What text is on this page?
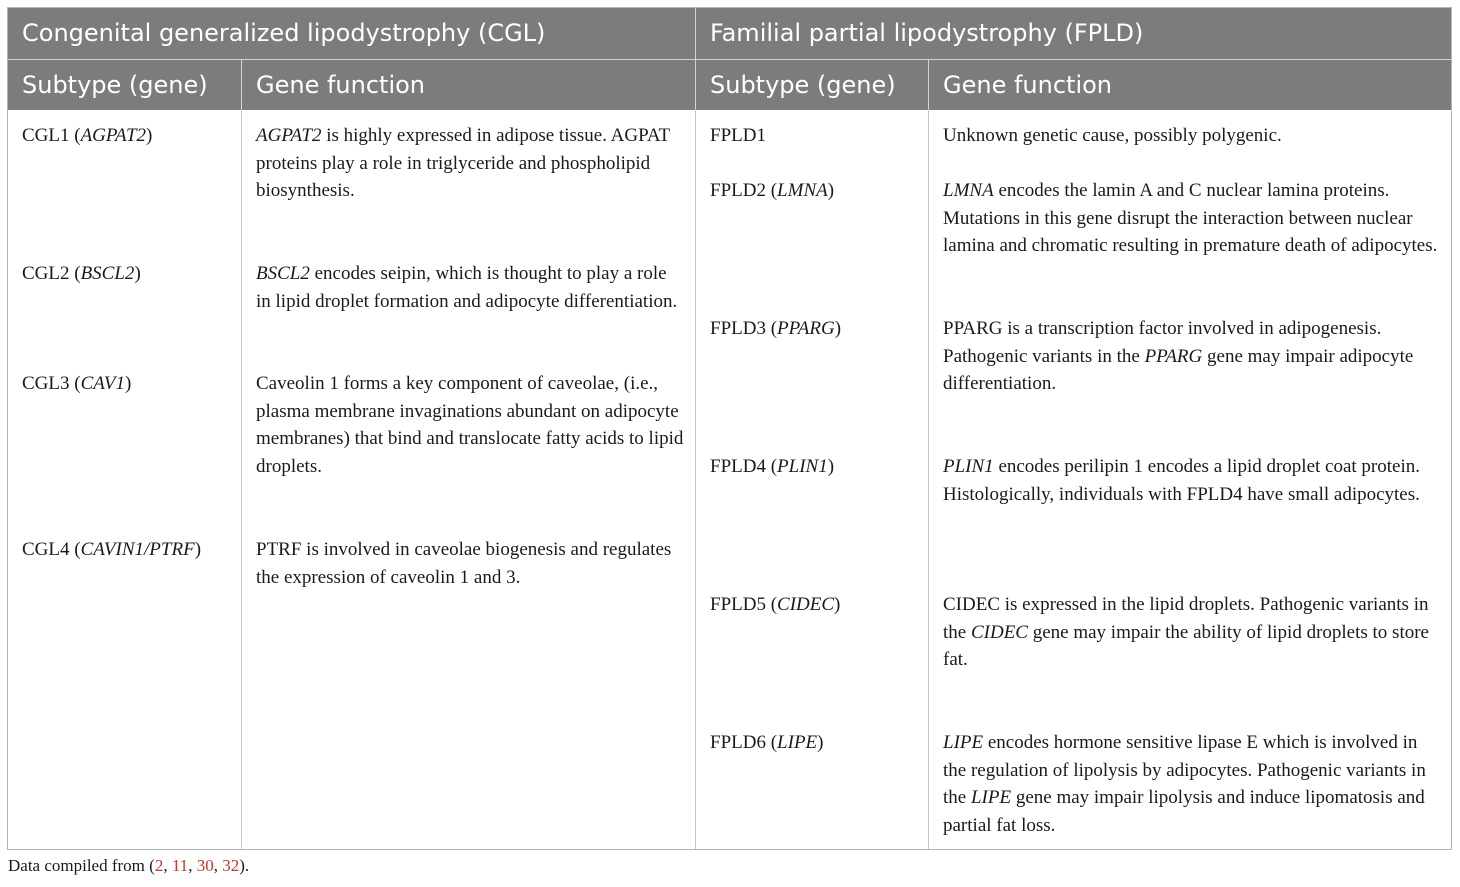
Congenital generalized lipodystrophy (CGL)	Familial partial lipodystrophy (FPLD)
Subtype (gene) Gene function	Subtype (gene) Gene function
CGL1 (AGPAT2)	AGPAT2 is highly expressed in adipose tissue. AGPAT proteins play a role in triglyceride and phospholipid biosynthesis.
CGL2 (BSCL2)	BSCL2 encodes seipin, which is thought to play a role in lipid droplet formation and adipocyte differentiation.
CGL3 (CAV1)	Caveolin 1 forms a key component of caveolae, (i.e., plasma membrane invaginations abundant on adipocyte membranes) that bind and translocate fatty acids to lipid droplets.
CGL4 (CAVIN1/PTRF)	PTRF is involved in caveolae biogenesis and regulates the expression of caveolin 1 and 3.
FPLD1	Unknown genetic cause, possibly polygenic.
FPLD2 (LMNA)	LMNA encodes the lamin A and C nuclear lamina proteins. Mutations in this gene disrupt the interaction between nuclear lamina and chromatic resulting in premature death of adipocytes.
FPLD3 (PPARG)	PPARG is a transcription factor involved in adipogenesis. Pathogenic variants in the PPARG gene may impair adipocyte differentiation.
FPLD4 (PLIN1)	PLIN1 encodes perilipin 1 encodes a lipid droplet coat protein. Histologically, individuals with FPLD4 have small adipocytes.
FPLD5 (CIDEC)	CIDEC is expressed in the lipid droplets. Pathogenic variants in the CIDEC gene may impair the ability of lipid droplets to store fat.
FPLD6 (LIPE)	LIPE encodes hormone sensitive lipase E which is involved in the regulation of lipolysis by adipocytes. Pathogenic variants in the LIPE gene may impair lipolysis and induce lipomatosis and partial fat loss.
Data compiled from (2, 11, 30, 32).
